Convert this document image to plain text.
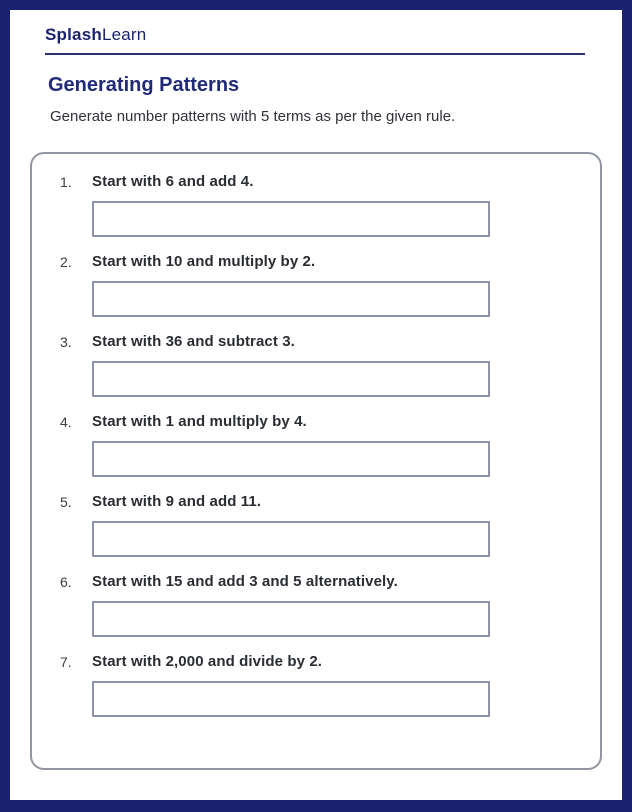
SplashLearn
Generating Patterns
Generate number patterns with 5 terms as per the given rule.
1.	Start with 6 and add 4.
2.	Start with 10 and multiply by 2.
3.	Start with 36 and subtract 3.
4.	Start with 1 and multiply by 4.
5.	Start with 9 and add 11.
6.	Start with 15 and add 3 and 5 alternatively.
7.	Start with 2,000 and divide by 2.
